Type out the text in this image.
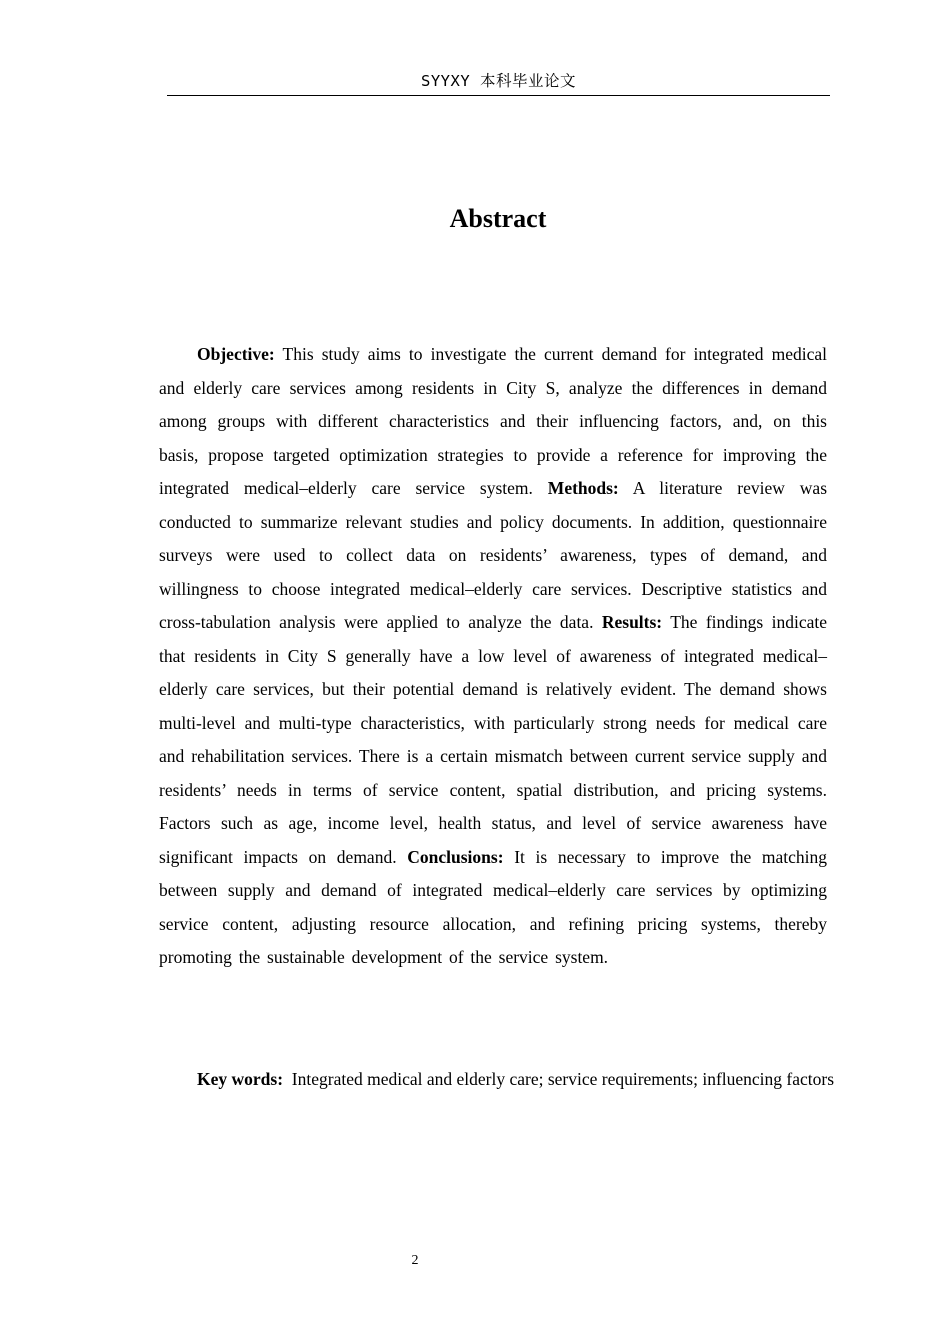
SYYXY 本科毕业论文
Abstract

Objective: This study aims to investigate the current demand for integrated medical and elderly care services among residents in City S, analyze the differences in demand among groups with different characteristics and their influencing factors, and, on this basis, propose targeted optimization strategies to provide a reference for improving the integrated medical–elderly care service system. Methods: A literature review was conducted to summarize relevant studies and policy documents. In addition, questionnaire surveys were used to collect data on residents’ awareness, types of demand, and willingness to choose integrated medical–elderly care services. Descriptive statistics and cross-tabulation analysis were applied to analyze the data. Results: The findings indicate that residents in City S generally have a low level of awareness of integrated medical–elderly care services, but their potential demand is relatively evident. The demand shows multi-level and multi-type characteristics, with particularly strong needs for medical care and rehabilitation services. There is a certain mismatch between current service supply and residents’ needs in terms of service content, spatial distribution, and pricing systems. Factors such as age, income level, health status, and level of service awareness have significant impacts on demand. Conclusions: It is necessary to improve the matching between supply and demand of integrated medical–elderly care services by optimizing service content, adjusting resource allocation, and refining pricing systems, thereby promoting the sustainable development of the service system.

Key words: Integrated medical and elderly care; service requirements; influencing factors

2
